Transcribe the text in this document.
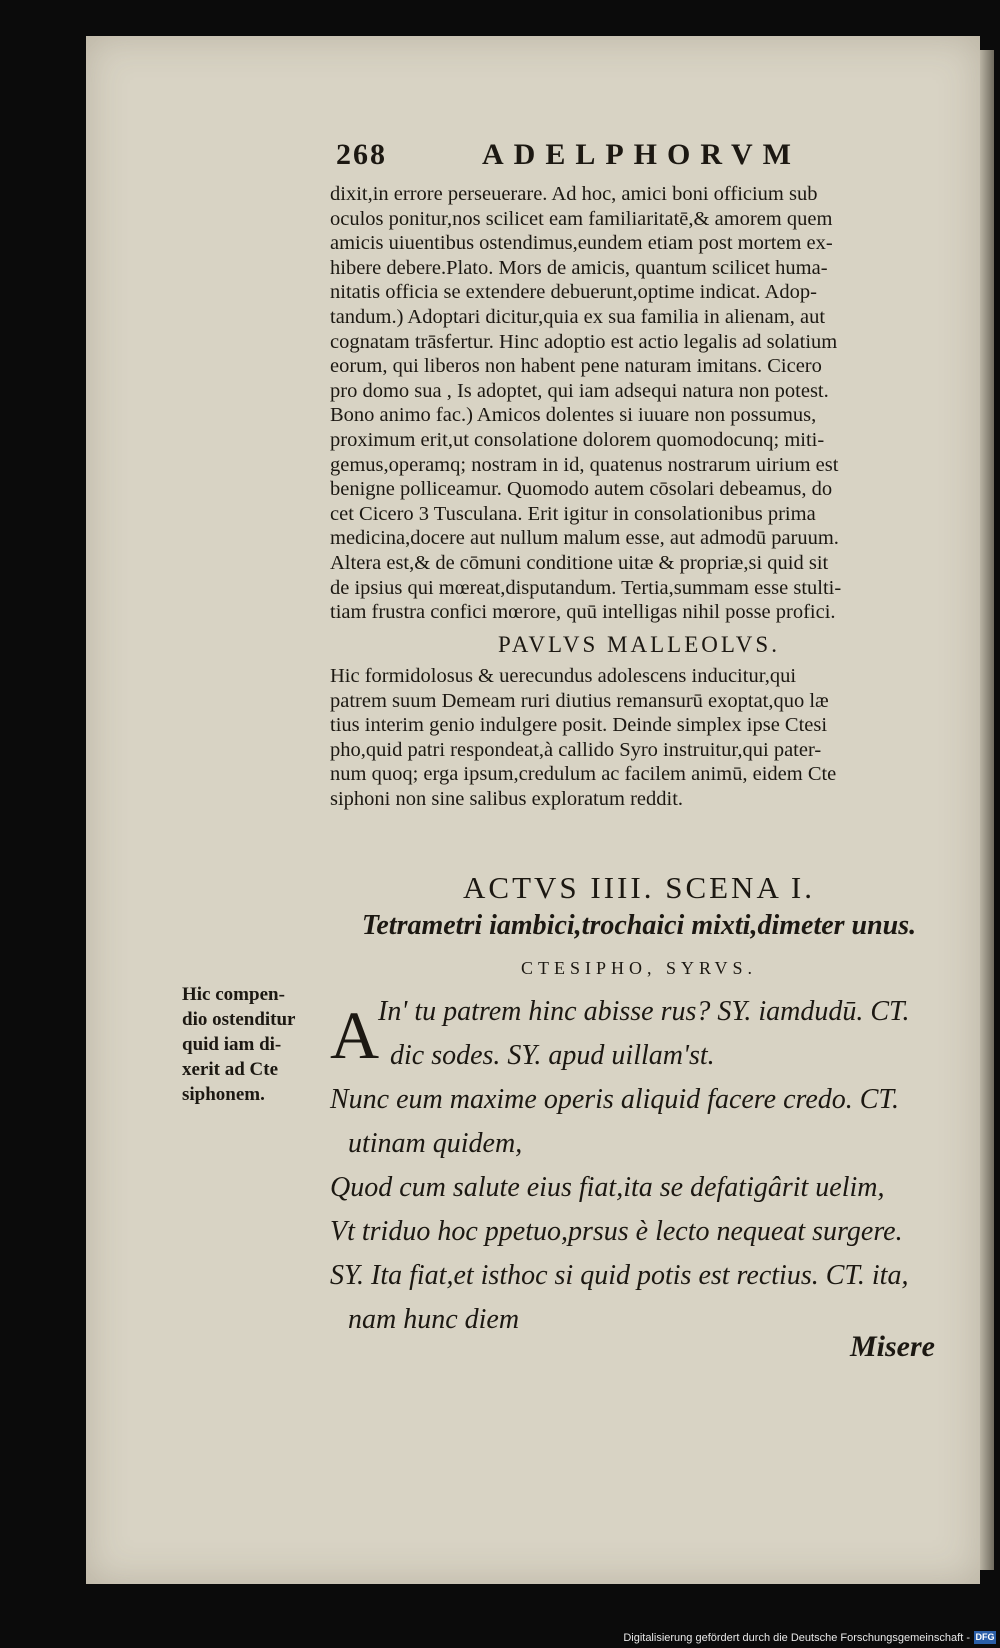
268	ADELPHORVM
dixit,in errore perseuerare. Ad hoc, amici boni officium sub
oculos ponitur,nos scilicet eam familiaritatē,& amorem quem
amicis uiuentibus ostendimus,eundem etiam post mortem ex-
hibere debere.Plato. Mors de amicis, quantum scilicet huma-
nitatis officia se extendere debuerunt,optime indicat. Adop-
tandum.) Adoptari dicitur,quia ex sua familia in alienam, aut
cognatam trāsfertur. Hinc adoptio est actio legalis ad solatium
eorum, qui liberos non habent pene naturam imitans. Cicero
pro domo sua , Is adoptet, qui iam adsequi natura non potest.
Bono animo fac.) Amicos dolentes si iuuare non possumus,
proximum erit,ut consolatione dolorem quomodocunq; miti-
gemus,operamq; nostram in id, quatenus nostrarum uirium est
benigne polliceamur. Quomodo autem cōsolari debeamus, do
cet Cicero 3 Tusculana. Erit igitur in consolationibus prima
medicina,docere aut nullum malum esse, aut admodū paruum.
Altera est,& de cōmuni conditione uitæ & propriæ,si quid sit
de ipsius qui mœreat,disputandum. Tertia,summam esse stulti-
tiam frustra confici mœrore, quū intelligas nihil posse profici.
PAVLVS MALLEOLVS.
Hic formidolosus & uerecundus adolescens inducitur,qui
patrem suum Demeam ruri diutius remansurū exoptat,quo læ
tius interim genio indulgere posit. Deinde simplex ipse Ctesi
pho,quid patri respondeat,à callido Syro instruitur,qui pater-
num quoq; erga ipsum,credulum ac facilem animū, eidem Cte
siphoni non sine salibus exploratum reddit.
ACTVS IIII. SCENA I.
Tetrametri iambici,trochaici mixti,dimeter unus.
CTESIPHO, SYRVS.
Hic compen-
dio ostenditur
quid iam di-
xerit ad Cte
siphonem.
A
In' tu patrem hinc abisse rus? SY. iamdudū. CT.
dic sodes. SY. apud uillam'st.
Nunc eum maxime operis aliquid facere credo. CT.
utinam quidem,
Quod cum salute eius fiat,ita se defatigârit uelim,
Vt triduo hoc ppetuo,prsus è lecto nequeat surgere.
SY. Ita fiat,et isthoc si quid potis est rectius. CT. ita,
nam hunc diem
Misere
Digitalisierung gefördert durch die Deutsche Forschungsgemeinschaft - DFG
